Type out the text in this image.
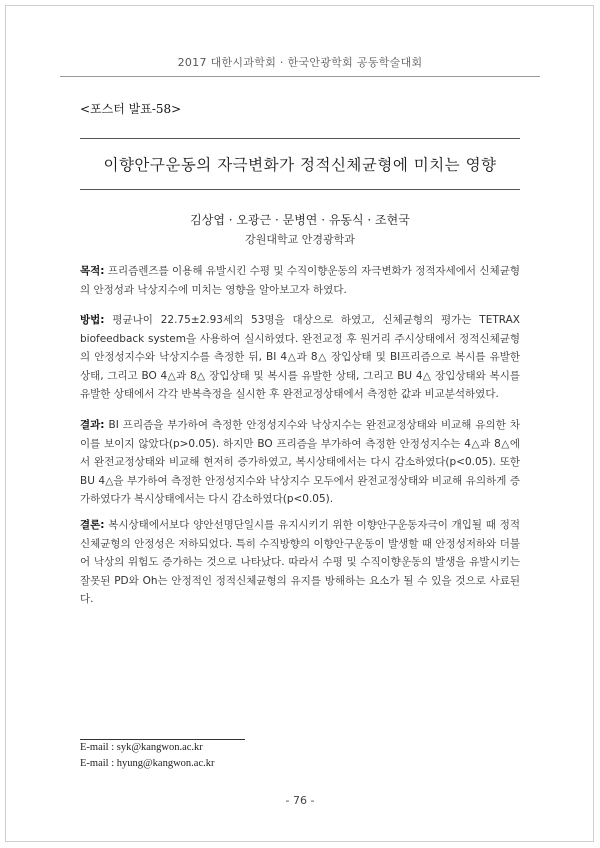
2017 대한시과학회 · 한국안광학회 공동학술대회
<포스터 발표-58>
이향안구운동의 자극변화가 정적신체균형에 미치는 영향
김상엽 · 오광근 · 문병연 · 유동식 · 조현국
강원대학교 안경광학과

목적: 프리즘렌즈를 이용해 유발시킨 수평 및 수직이향운동의 자극변화가 정적자세에서 신체균형의 안정성과 낙상지수에 미치는 영향을 알아보고자 하였다.

방법: 평균나이 22.75±2.93세의 53명을 대상으로 하였고, 신체균형의 평가는 TETRAX biofeedback system을 사용하여 실시하였다. 완전교정 후 원거리 주시상태에서 정적신체균형의 안정성지수와 낙상지수를 측정한 뒤, BI 4△과 8△ 장입상태 및 BI프리즘으로 복시를 유발한 상태, 그리고 BO 4△과 8△ 장입상태 및 복시를 유발한 상태, 그리고 BU 4△ 장입상태와 복시를 유발한 상태에서 각각 반복측정을 실시한 후 완전교정상태에서 측정한 값과 비교분석하였다.

결과: BI 프리즘을 부가하여 측정한 안정성지수와 낙상지수는 완전교정상태와 비교해 유의한 차이를 보이지 않았다(p>0.05). 하지만 BO 프리즘을 부가하여 측정한 안정성지수는 4△과 8△에서 완전교정상태와 비교해 현저히 증가하였고, 복시상태에서는 다시 감소하였다(p<0.05). 또한 BU 4△을 부가하여 측정한 안정성지수와 낙상지수 모두에서 완전교정상태와 비교해 유의하게 증가하였다가 복시상태에서는 다시 감소하였다(p<0.05).

결론: 복시상태에서보다 양안선명단일시를 유지시키기 위한 이향안구운동자극이 개입될 때 정적신체균형의 안정성은 저하되었다. 특히 수직방향의 이향안구운동이 발생할 때 안정성저하와 더불어 낙상의 위험도 증가하는 것으로 나타났다. 따라서 수평 및 수직이향운동의 발생을 유발시키는 잘못된 PD와 Oh는 안정적인 정적신체균형의 유지를 방해하는 요소가 될 수 있을 것으로 사료된다.

E-mail : syk@kangwon.ac.kr
E-mail : hyung@kangwon.ac.kr
- 76 -
